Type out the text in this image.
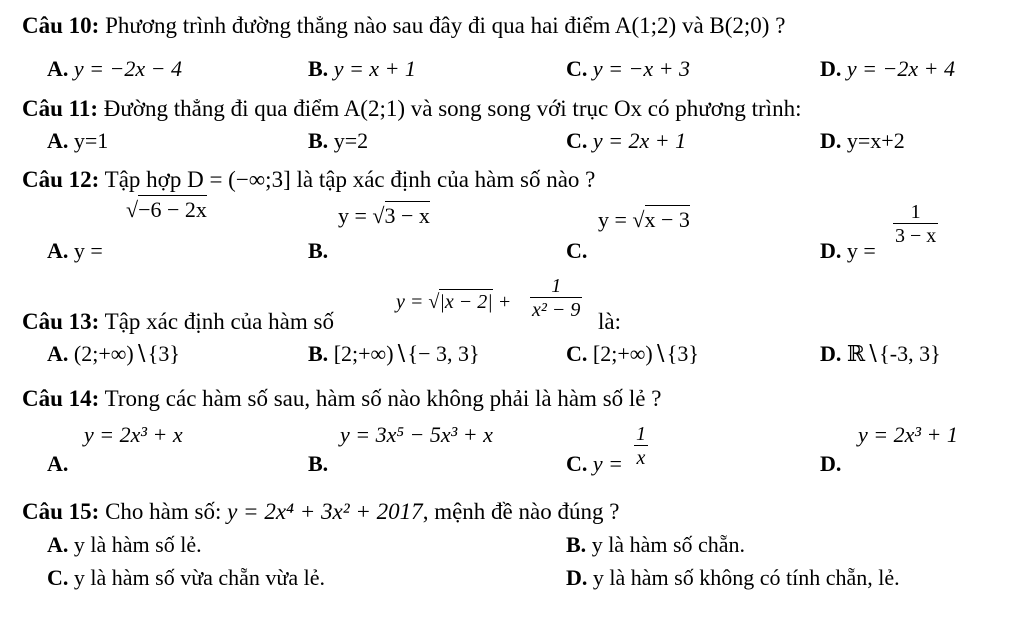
Câu 10: Phương trình đường thẳng nào sau đây đi qua hai điểm A(1;2) và B(2;0) ?
A. y = −2x − 4	B. y = x + 1	C. y = −x + 3	D. y = −2x + 4
Câu 11: Đường thẳng đi qua điểm A(2;1) và song song với trục Ox có phương trình:
A. y=1	B. y=2	C. y = 2x + 1	D. y=x+2
Câu 12: Tập hợp D = (−∞;3] là tập xác định của hàm số nào ?
A. y =
√−6 − 2x
B.
y = √3 − x
C.
y = √x − 3
D. y =
$\frac{1}{3 - x}$
Câu 13: Tập xác định của hàm số
$y = √|x - 2| + \frac{1}{\text{x² − 9}}$
là:
A. (2;+∞)∖{3}	B. [2;+∞)∖{− 3, 3}	C. [2;+∞)∖{3}	D. ℝ∖{-3, 3}
Câu 14: Trong các hàm số sau, hàm số nào không phải là hàm số lẻ ?
A.
y = 2x³ + x
B.
y = 3x⁵ − 5x³ + x
C. $y = \frac{1}{x}$	D.
y = 2x³ + 1
Câu 15: Cho hàm số: y = 2x⁴ + 3x² + 2017, mệnh đề nào đúng ?
A. y là hàm số lẻ.	B. y là hàm số chẵn.
C. y là hàm số vừa chẵn vừa lẻ.	D. y là hàm số không có tính chẵn, lẻ.
